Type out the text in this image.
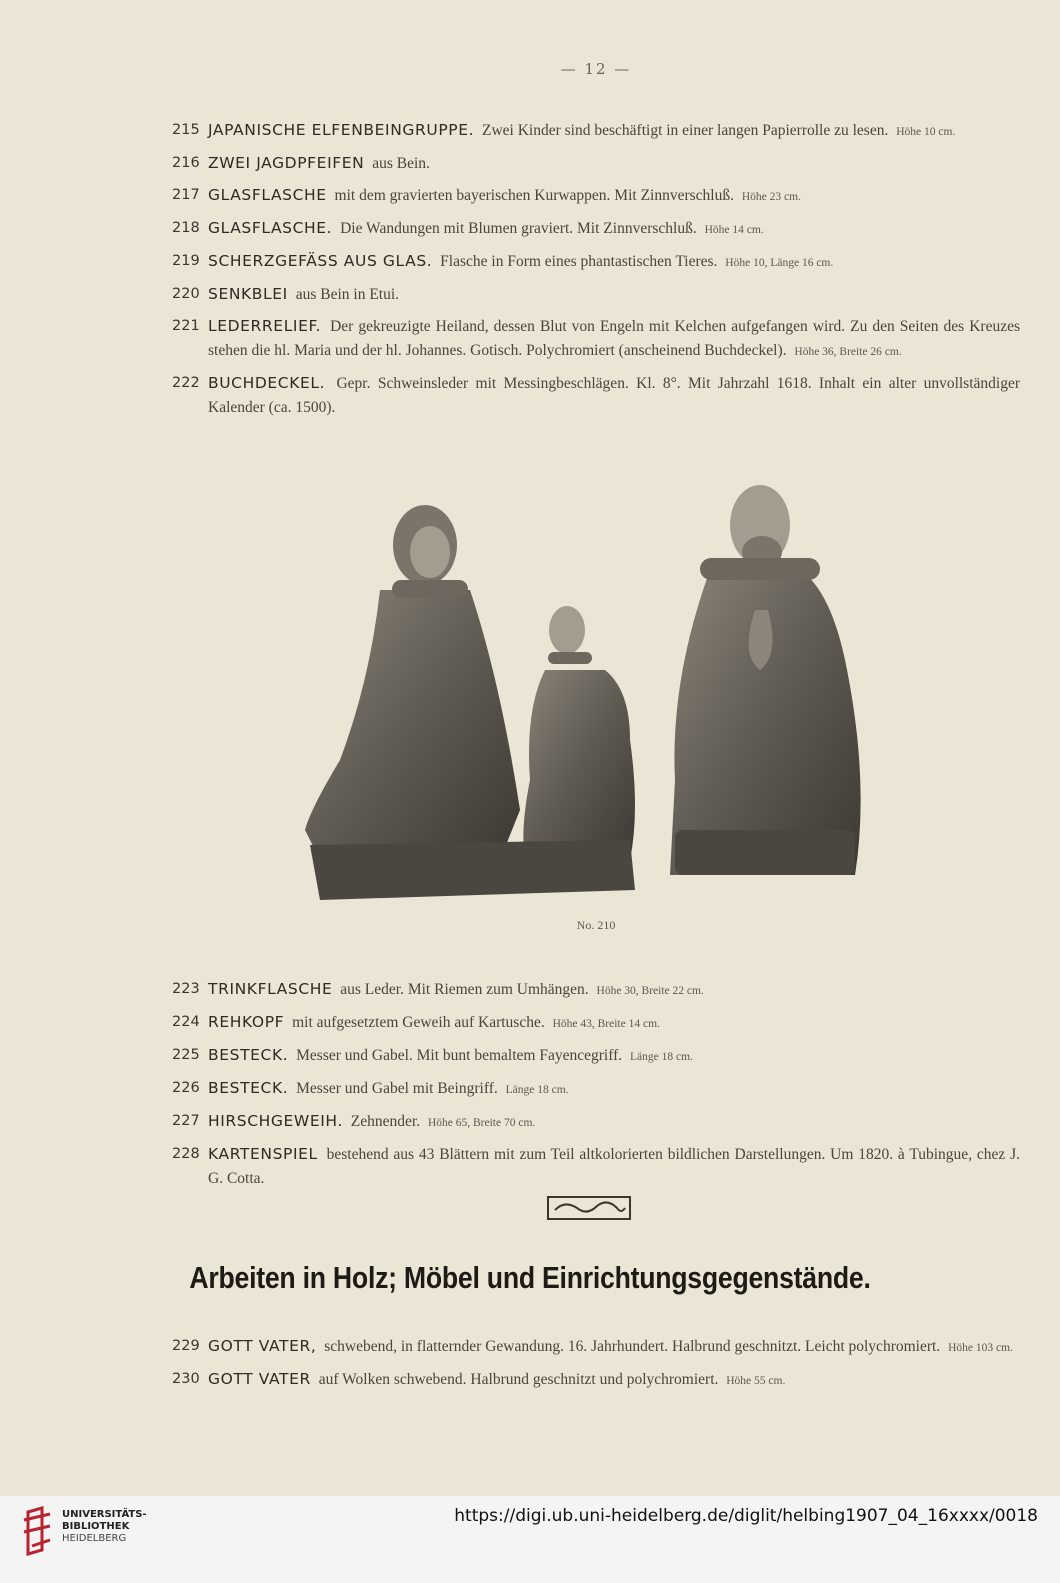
— 12 —
215 JAPANISCHE ELFENBEINGRUPPE. Zwei Kinder sind beschäftigt in einer langen Papierrolle zu lesen. Höhe 10 cm.
216 ZWEI JAGDPFEIFEN aus Bein.
217 GLASFLASCHE mit dem gravierten bayerischen Kurwappen. Mit Zinnverschluß. Höhe 23 cm.
218 GLASFLASCHE. Die Wandungen mit Blumen graviert. Mit Zinnverschluß. Höhe 14 cm.
219 SCHERZGEFÄSS AUS GLAS. Flasche in Form eines phantastischen Tieres. Höhe 10, Länge 16 cm.
220 SENKBLEI aus Bein in Etui.
221 LEDERRELIEF. Der gekreuzigte Heiland, dessen Blut von Engeln mit Kelchen aufgefangen wird. Zu den Seiten des Kreuzes stehen die hl. Maria und der hl. Johannes. Gotisch. Polychromiert (anscheinend Buchdeckel). Höhe 36, Breite 26 cm.
222 BUCHDECKEL. Gepr. Schweinsleder mit Messingbeschlägen. Kl. 8°. Mit Jahrzahl 1618. Inhalt ein alter unvollständiger Kalender (ca. 1500).
No. 210
223 TRINKFLASCHE aus Leder. Mit Riemen zum Umhängen. Höhe 30, Breite 22 cm.
224 REHKOPF mit aufgesetztem Geweih auf Kartusche. Höhe 43, Breite 14 cm.
225 BESTECK. Messer und Gabel. Mit bunt bemaltem Fayencegriff. Länge 18 cm.
226 BESTECK. Messer und Gabel mit Beingriff. Länge 18 cm.
227 HIRSCHGEWEIH. Zehnender. Höhe 65, Breite 70 cm.
228 KARTENSPIEL bestehend aus 43 Blättern mit zum Teil altkolorierten bildlichen Darstellungen. Um 1820. à Tubingue, chez J. G. Cotta.
Arbeiten in Holz; Möbel und Einrichtungsgegenstände.
229 GOTT VATER, schwebend, in flatternder Gewandung. 16. Jahrhundert. Halbrund geschnitzt. Leicht polychromiert. Höhe 103 cm.
230 GOTT VATER auf Wolken schwebend. Halbrund geschnitzt und polychromiert. Höhe 55 cm.
UNIVERSITÄTS-
BIBLIOTHEK
HEIDELBERG
https://digi.ub.uni-heidelberg.de/diglit/helbing1907_04_16xxxx/0018
